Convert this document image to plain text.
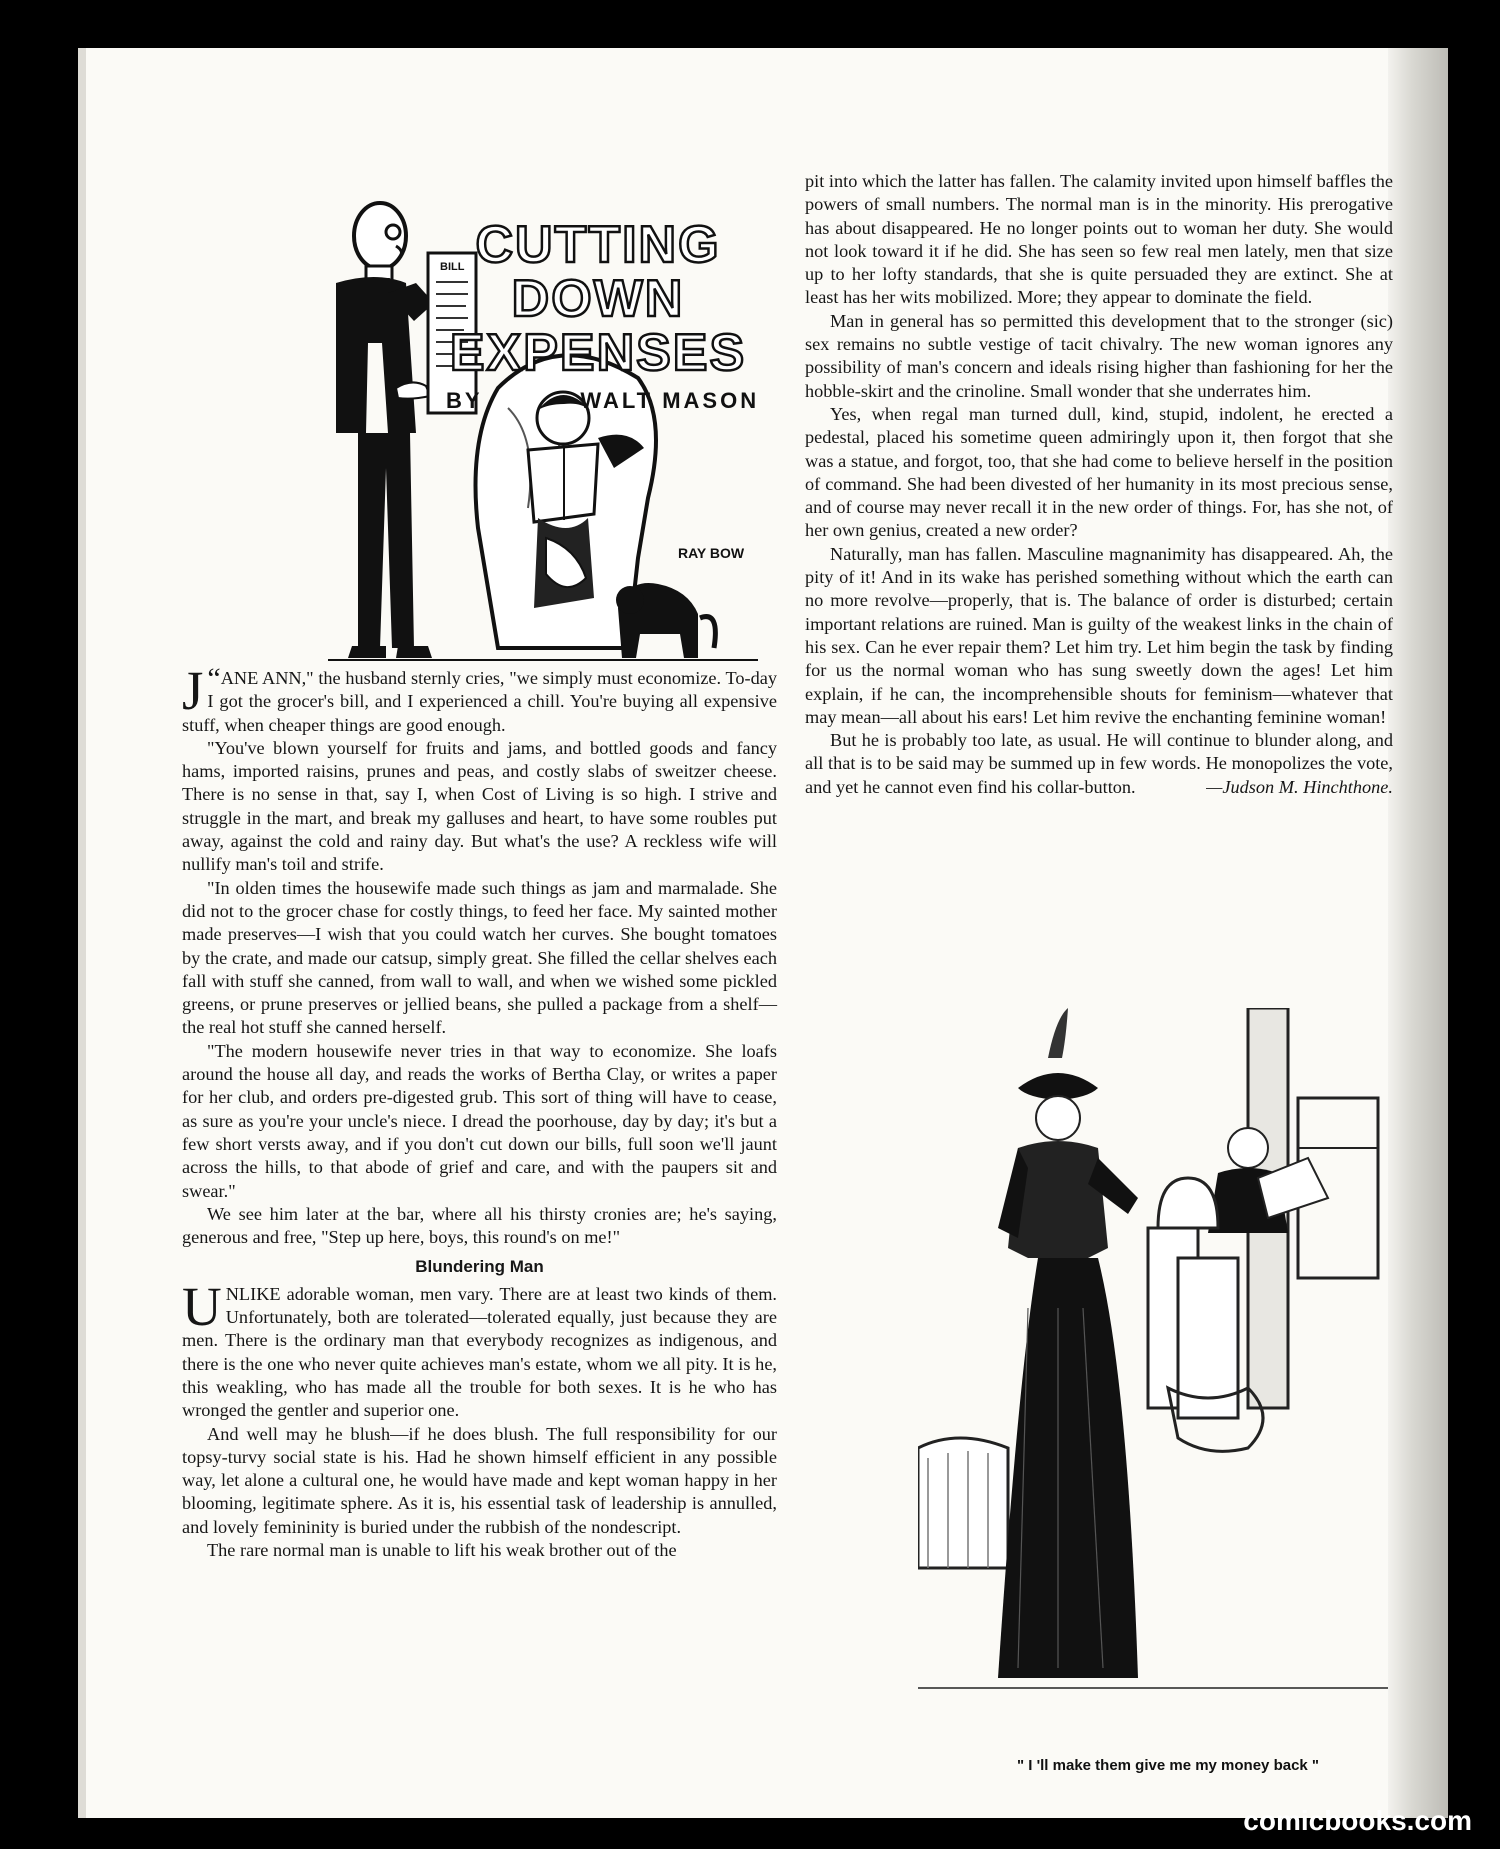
BILL
RAY BOW
CUTTING DOWN
EXPENSES
BY	WALT MASON

“
J ANE ANN," the husband sternly cries, "we simply must economize. To-day I got the grocer's bill, and I experienced a chill. You're buying all expensive stuff, when cheaper things are good enough.

"You've blown yourself for fruits and jams, and bottled goods and fancy hams, imported raisins, prunes and peas, and costly slabs of sweitzer cheese. There is no sense in that, say I, when Cost of Living is so high. I strive and struggle in the mart, and break my galluses and heart, to have some roubles put away, against the cold and rainy day. But what's the use? A reckless wife will nullify man's toil and strife.

"In olden times the housewife made such things as jam and marmalade. She did not to the grocer chase for costly things, to feed her face. My sainted mother made preserves—I wish that you could watch her curves. She bought tomatoes by the crate, and made our catsup, simply great. She filled the cellar shelves each fall with stuff she canned, from wall to wall, and when we wished some pickled greens, or prune preserves or jellied beans, she pulled a package from a shelf—the real hot stuff she canned herself.

"The modern housewife never tries in that way to economize. She loafs around the house all day, and reads the works of Bertha Clay, or writes a paper for her club, and orders pre-digested grub. This sort of thing will have to cease, as sure as you're your uncle's niece. I dread the poorhouse, day by day; it's but a few short versts away, and if you don't cut down our bills, full soon we'll jaunt across the hills, to that abode of grief and care, and with the paupers sit and swear."

We see him later at the bar, where all his thirsty cronies are; he's saying, generous and free, "Step up here, boys, this round's on me!"

Blundering Man

UNLIKE adorable woman, men vary. There are at least two kinds of them. Unfortunately, both are tolerated—tolerated equally, just because they are men. There is the ordinary man that everybody recognizes as indigenous, and there is the one who never quite achieves man's estate, whom we all pity. It is he, this weakling, who has made all the trouble for both sexes. It is he who has wronged the gentler and superior one.

And well may he blush—if he does blush. The full responsibility for our topsy-turvy social state is his. Had he shown himself efficient in any possible way, let alone a cultural one, he would have made and kept woman happy in her blooming, legitimate sphere. As it is, his essential task of leadership is annulled, and lovely femininity is buried under the rubbish of the nondescript.

The rare normal man is unable to lift his weak brother out of the

pit into which the latter has fallen. The calamity invited upon himself baffles the powers of small numbers. The normal man is in the minority. His prerogative has about disappeared. He no longer points out to woman her duty. She would not look toward it if he did. She has seen so few real men lately, men that size up to her lofty standards, that she is quite persuaded they are extinct. She at least has her wits mobilized. More; they appear to dominate the field.

Man in general has so permitted this development that to the stronger (sic) sex remains no subtle vestige of tacit chivalry. The new woman ignores any possibility of man's concern and ideals rising higher than fashioning for her the hobble-skirt and the crinoline. Small wonder that she underrates him.

Yes, when regal man turned dull, kind, stupid, indolent, he erected a pedestal, placed his sometime queen admiringly upon it, then forgot that she was a statue, and forgot, too, that she had come to believe herself in the position of command. She had been divested of her humanity in its most precious sense, and of course may never recall it in the new order of things. For, has she not, of her own genius, created a new order?

Naturally, man has fallen. Masculine magnanimity has disappeared. Ah, the pity of it! And in its wake has perished something without which the earth can no more revolve—properly, that is. The balance of order is disturbed; certain important relations are ruined. Man is guilty of the weakest links in the chain of his sex. Can he ever repair them? Let him try. Let him begin the task by finding for us the normal woman who has sung sweetly down the ages! Let him explain, if he can, the incomprehensible shouts for feminism—whatever that may mean—all about his ears! Let him revive the enchanting feminine woman!

But he is probably too late, as usual. He will continue to blunder along, and all that is to be said may be summed up in few words. He monopolizes the vote, and yet he cannot even find his collar-button.	—Judson M. Hinchthone.
" I 'll make them give me my money back "
comicbooks.com
